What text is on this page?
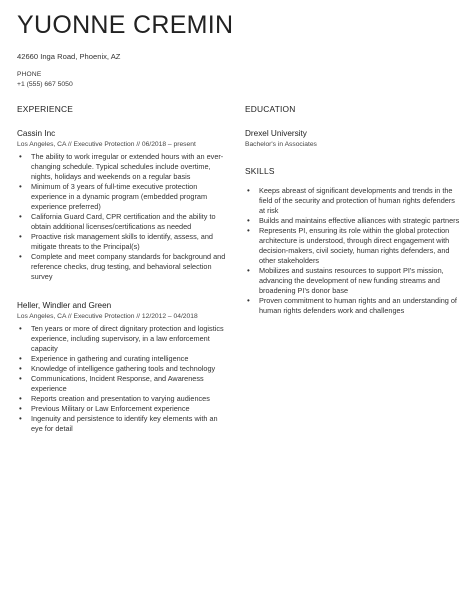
YUONNE CREMIN
42660 Inga Road, Phoenix, AZ
PHONE
+1 (555) 667 5050
EXPERIENCE
Cassin Inc
Los Angeles, CA // Executive Protection // 06/2018 – present
• The ability to work irregular or extended hours with an ever-changing schedule. Typical schedules include overtime, nights, holidays and weekends on a regular basis
• Minimum of 3 years of full-time executive protection experience in a dynamic program (embedded program experience preferred)
• California Guard Card, CPR certification and the ability to obtain additional licenses/certifications as needed
• Proactive risk management skills to identify, assess, and mitigate threats to the Principal(s)
• Complete and meet company standards for background and reference checks, drug testing, and behavioral selection survey
Heller, Windler and Green
Los Angeles, CA // Executive Protection // 12/2012 – 04/2018
• Ten years or more of direct dignitary protection and logistics experience, including supervisory, in a law enforcement capacity
• Experience in gathering and curating intelligence
• Knowledge of intelligence gathering tools and technology
• Communications, Incident Response, and Awareness experience
• Reports creation and presentation to varying audiences
• Previous Military or Law Enforcement experience
• Ingenuity and persistence to identify key elements with an eye for detail
EDUCATION
Drexel University
Bachelor's in Associates
SKILLS
• Keeps abreast of significant developments and trends in the field of the security and protection of human rights defenders at risk
• Builds and maintains effective alliances with strategic partners
• Represents PI, ensuring its role within the global protection architecture is understood, through direct engagement with decision-makers, civil society, human rights defenders, and other stakeholders
• Mobilizes and sustains resources to support PI's mission, advancing the development of new funding streams and broadening PI's donor base
• Proven commitment to human rights and an understanding of human rights defenders work and challenges
